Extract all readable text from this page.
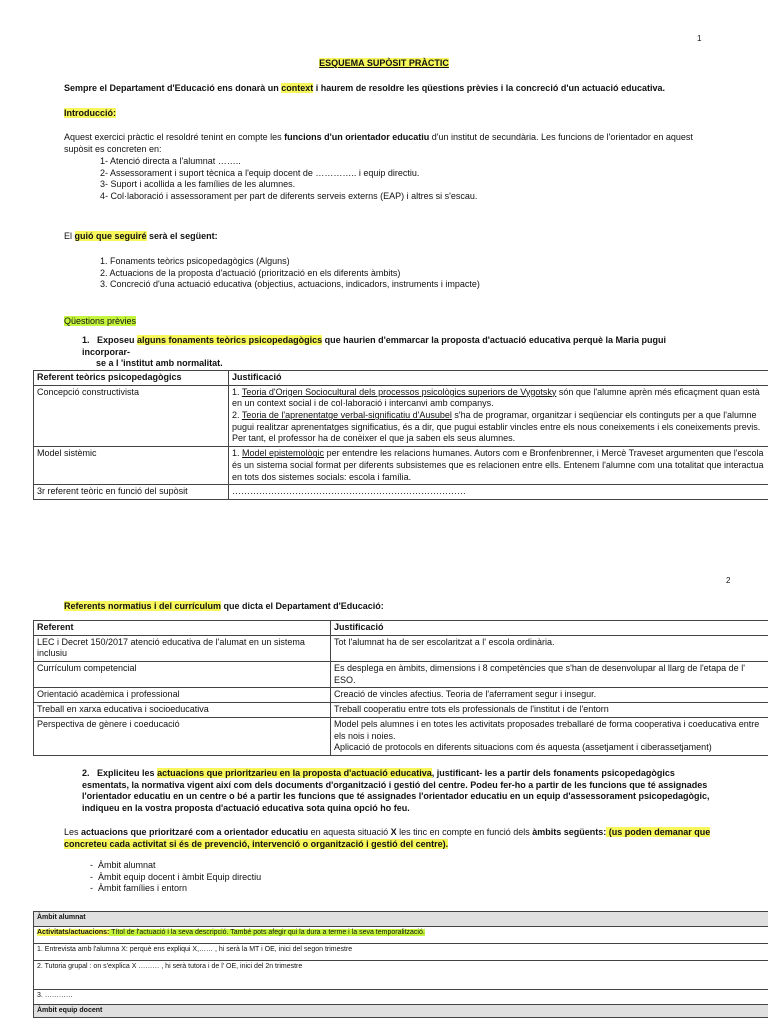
1
ESQUEMA SUPÒSIT PRÀCTIC

Sempre el Departament d'Educació ens donarà un context i haurem de resoldre les qüestions prèvies i la concreció d'un actuació educativa.

Introducció:

Aquest exercici pràctic el resoldré tenint en compte les funcions d'un orientador educatiu d'un institut de secundària. Les funcions de l'orientador en aquest supòsit es concreten en:

1- Atenció directa a l'alumnat ……..
2- Assessorament i suport tècnica a l'equip docent de ………….. i equip directiu.
3- Suport i acollida a les famílies de les alumnes.
4- Col·laboració i assessorament per part de diferents serveis externs (EAP) i altres si s'escau.

El guió que seguiré serà el següent:

1. Fonaments teòrics psicopedagògics (Alguns)
2. Actuacions de la proposta d'actuació (priorització en els diferents àmbits)
3. Concreció d'una actuació educativa (objectius, actuacions, indicadors, instruments i impacte)

Qüestions prèvies

1. Exposeu alguns fonaments teòrics psicopedagògics que haurien d'emmarcar la proposta d'actuació educativa perquè la Maria pugui incorporar-
se a l 'institut amb normalitat.

Referent teòrics psicopedagògics	Justificació
Concepció constructivista	1. Teoria d'Origen Sociocultural dels processos psicològics superiors de Vygotsky són que l'alumne aprèn més eficaçment quan està en un context social i de col·laboració i intercanvi amb companys.
2. Teoria de l'aprenentatge verbal-significatiu d'Ausubel s'ha de programar, organitzar i seqüenciar els continguts per a que l'alumne pugui realitzar aprenentatges significatius, és a dir, que pugui establir vincles entre els nous coneixements i els coneixements previs. Per tant, el professor ha de conèixer el que ja saben els seus alumnes.
Model sistèmic	1. Model epistemològic per entendre les relacions humanes. Autors com e Bronfenbrenner, i Mercè Traveset argumenten que l'escola és un sistema social format per diferents subsistemes que es relacionen entre ells. Entenem l'alumne com una totalitat que interactua en tots dos sistemes socials: escola i família.
3r referent teòric en funció del supòsit	……………………………………………………………………
2

Referents normatius i del currículum que dicta el Departament d'Educació:

Referent	Justificació
LEC i Decret 150/2017 atenció educativa de l'alumat en un sistema inclusiu	Tot l'alumnat ha de ser escolaritzat a l' escola ordinària.
Currículum competencial	Es desplega en àmbits, dimensions i 8 competències que s'han de desenvolupar al llarg de l'etapa de l' ESO.
Orientació acadèmica i professional	Creació de vincles afectius. Teoria de l'aferrament segur i insegur.
Treball en xarxa educativa i socioeducativa	Treball cooperatiu entre tots els professionals de l'institut i de l'entorn
Perspectiva de gènere i coeducació	Model pels alumnes i en totes les activitats proposades treballaré de forma cooperativa i coeducativa entre els nois i noies.
Aplicació de protocols en diferents situacions com és aquesta (assetjament i ciberassetjament)

2. Expliciteu les actuacions que prioritzarieu en la proposta d'actuació educativa, justificant- les a partir dels fonaments psicopedagògics esmentats, la normativa vigent així com dels documents d'organització i gestió del centre. Podeu fer-ho a partir de les funcions que té assignades l'orientador educatiu en un centre o bé a partir les funcions que té assignades l'orientador educatiu en un equip d'assessorament psicopedagògic, indiqueu en la vostra proposta d'actuació educativa sota quina opció ho feu.

Les actuacions que prioritzaré com a orientador educatiu en aquesta situació X les tinc en compte en funció dels àmbits següents: (us poden demanar que concreteu cada activitat si és de prevenció, intervenció o organització i gestió del centre).

- Àmbit alumnat
- Àmbit equip docent i àmbit Equip directiu
- Àmbit famílies i entorn
Àmbit alumnat
Activitats/actuacions: Títol de l'actuació i la seva descripció. També pots afegir qui la dura a terme i la seva temporalització.
1. Entrevista amb l'alumna X: perquè ens expliqui X,…… , hi serà la MT i OE, inici del segon trimestre
2. Tutoria grupal : on s'explica X ……… , hi serà tutora i de l' OE, inici del 2n trimestre
3. …………
Àmbit equip docent
